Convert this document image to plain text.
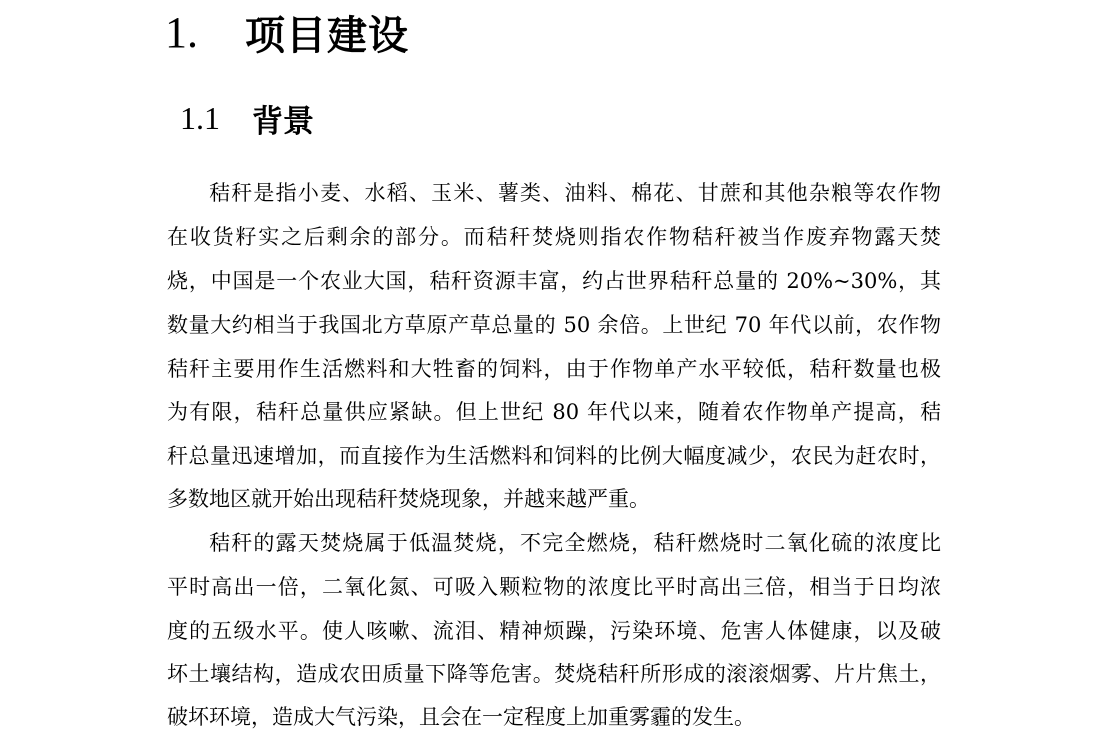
1.	项目建设
1.1	背景
秸秆是指小麦、水稻、玉米、薯类、油料、棉花、甘蔗和其他杂粮等农作物
在收货籽实之后剩余的部分。而秸秆焚烧则指农作物秸秆被当作废弃物露天焚
烧，中国是一个农业大国，秸秆资源丰富，约占世界秸秆总量的 20%~30%，其
数量大约相当于我国北方草原产草总量的 50 余倍。上世纪 70 年代以前，农作物
秸秆主要用作生活燃料和大牲畜的饲料，由于作物单产水平较低，秸秆数量也极
为有限，秸秆总量供应紧缺。但上世纪 80 年代以来，随着农作物单产提高，秸
秆总量迅速增加，而直接作为生活燃料和饲料的比例大幅度减少，农民为赶农时，
多数地区就开始出现秸秆焚烧现象，并越来越严重。
秸秆的露天焚烧属于低温焚烧，不完全燃烧，秸秆燃烧时二氧化硫的浓度比
平时高出一倍，二氧化氮、可吸入颗粒物的浓度比平时高出三倍，相当于日均浓
度的五级水平。使人咳嗽、流泪、精神烦躁，污染环境、危害人体健康，以及破
坏土壤结构，造成农田质量下降等危害。焚烧秸秆所形成的滚滚烟雾、片片焦土，
破坏环境，造成大气污染，且会在一定程度上加重雾霾的发生。
